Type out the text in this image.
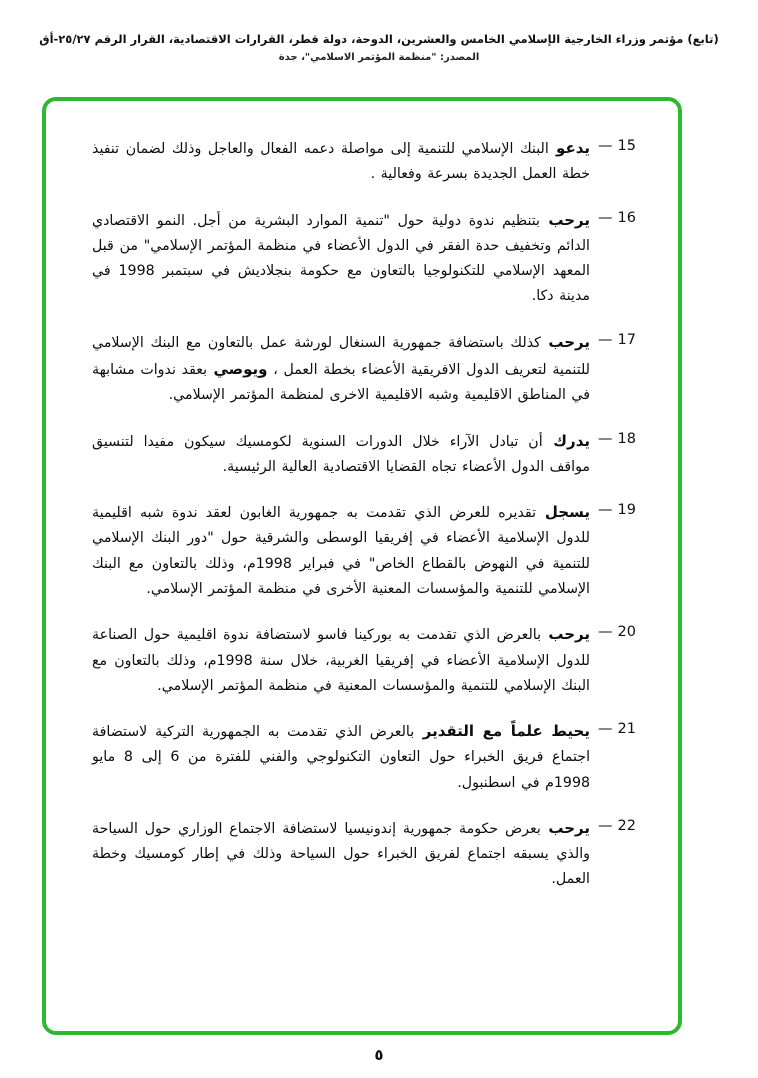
(تابع) مؤتمر وزراء الخارجية الإسلامي الخامس والعشرين، الدوحة، دولة قطر، القرارات الاقتصادية، القرار الرقم ٢٥/٢٧-أق
المصدر: "منظمة المؤتمر الاسلامي"، جدة
15—

يدعو البنك الإسلامي للتنمية إلى مواصلة دعمه الفعال والعاجل وذلك لضمان تنفيذ خطة العمل الجديدة بسرعة وفعالية .

16—

يرحب بتنظيم ندوة دولية حول "تنمية الموارد البشرية من أجل. النمو الاقتصادي الدائم وتخفيف حدة الفقر في الدول الأعضاء في منظمة المؤتمر الإسلامي" من قبل المعهد الإسلامي للتكنولوجيا بالتعاون مع حكومة بنجلاديش في سبتمبر 1998 في مدينة دكا.

17—

يرحب كذلك باستضافة جمهورية السنغال لورشة عمل بالتعاون مع البنك الإسلامي للتنمية لتعريف الدول الافريقية الأعضاء بخطة العمل ، ويوصي بعقد ندوات مشابهة في المناطق الاقليمية وشبه الاقليمية الاخرى لمنظمة المؤتمر الإسلامي.

18—

يدرك أن تبادل الآراء خلال الدورات السنوية لكومسيك سيكون مفيدا لتنسيق مواقف الدول الأعضاء تجاه القضايا الاقتصادية العالية الرئيسية.

19—

يسجل تقديره للعرض الذي تقدمت به جمهورية الغابون لعقد ندوة شبه اقليمية للدول الإسلامية الأعضاء في إفريقيا الوسطى والشرقية حول "دور البنك الإسلامي للتنمية في النهوض بالقطاع الخاص" في فبراير 1998م، وذلك بالتعاون مع البنك الإسلامي للتنمية والمؤسسات المعنية الأخرى في منظمة المؤتمر الإسلامي.

20—

يرحب بالعرض الذي تقدمت به بوركينا فاسو لاستضافة ندوة اقليمية حول الصناعة للدول الإسلامية الأعضاء في إفريقيا الغربية، خلال سنة 1998م، وذلك بالتعاون مع البنك الإسلامي للتنمية والمؤسسات المعنية في منظمة المؤتمر الإسلامي.

21—

يحيط علماً مع التقدير بالعرض الذي تقدمت به الجمهورية التركية لاستضافة اجتماع فريق الخبراء حول التعاون التكنولوجي والفني للفترة من 6 إلى 8 مايو 1998م في اسطنبول.

22—

يرحب بعرض حكومة جمهورية إندونيسيا لاستضافة الاجتماع الوزاري حول السياحة والذي يسبقه اجتماع لفريق الخبراء حول السياحة وذلك في إطار كومسيك وخطة العمل.

٥
